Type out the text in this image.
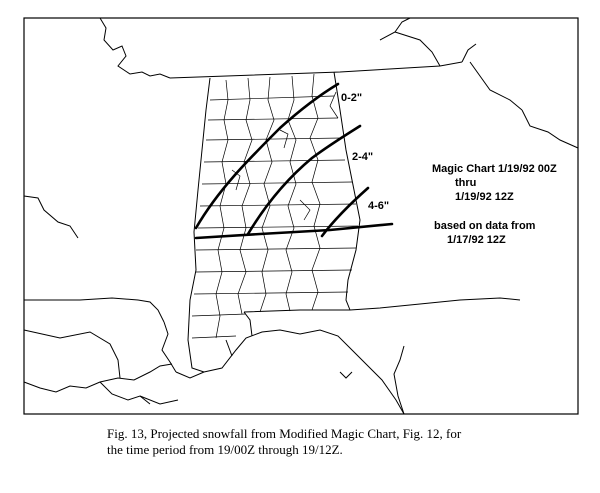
0-2"
2-4"
4-6"
Magic Chart 1/19/92 00Z
thru
1/19/92 12Z
based on data from
1/17/92 12Z
Fig. 13, Projected snowfall from Modified Magic Chart, Fig. 12, for
the time period from 19/00Z through 19/12Z.
